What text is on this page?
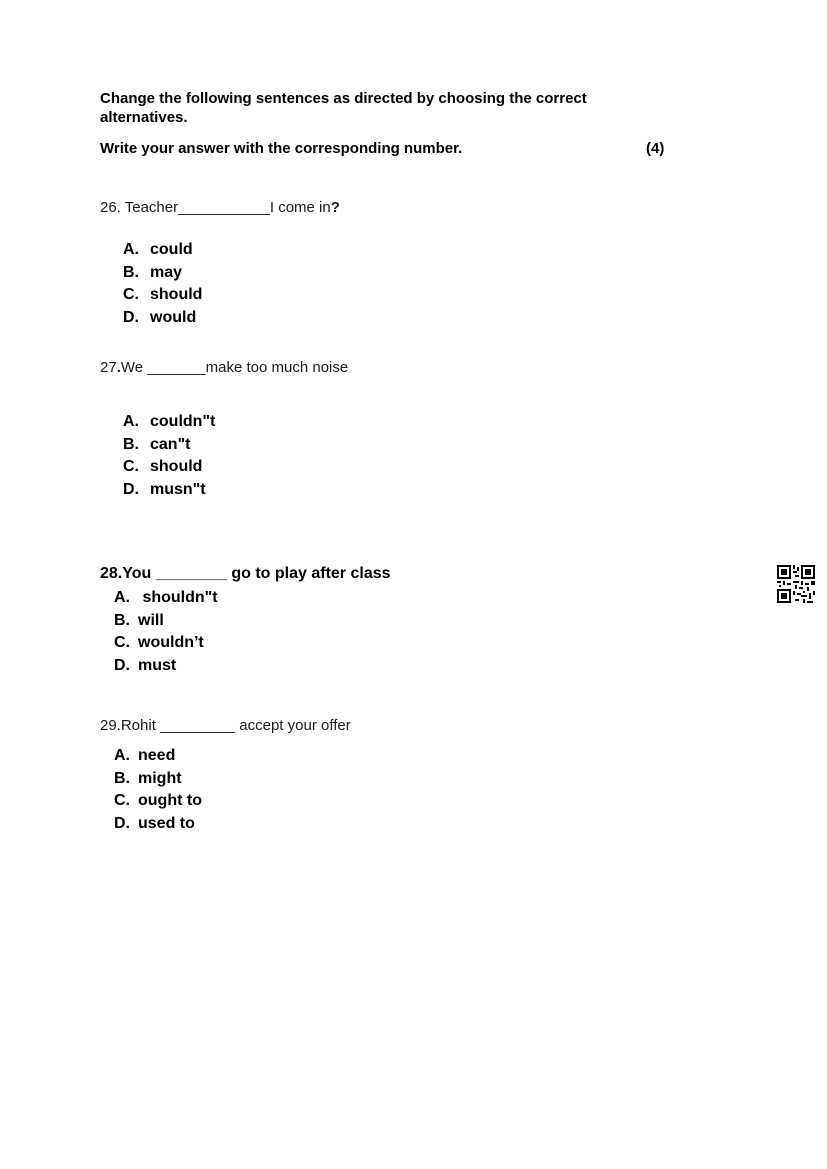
Change the following sentences as directed by choosing the correct
alternatives.
Write your answer with the corresponding number.	(4)
26. Teacher___________I come in?
A. could
B. may
C. should
D. would
27.We _______make too much noise
A. couldn"t
B. can"t
C. should
D. musn"t
28.You ________ go to play after class
A. shouldn"t
B. will
C. wouldn’t
D. must
29.Rohit _________ accept your offer
A. need
B. might
C. ought to
D. used to
